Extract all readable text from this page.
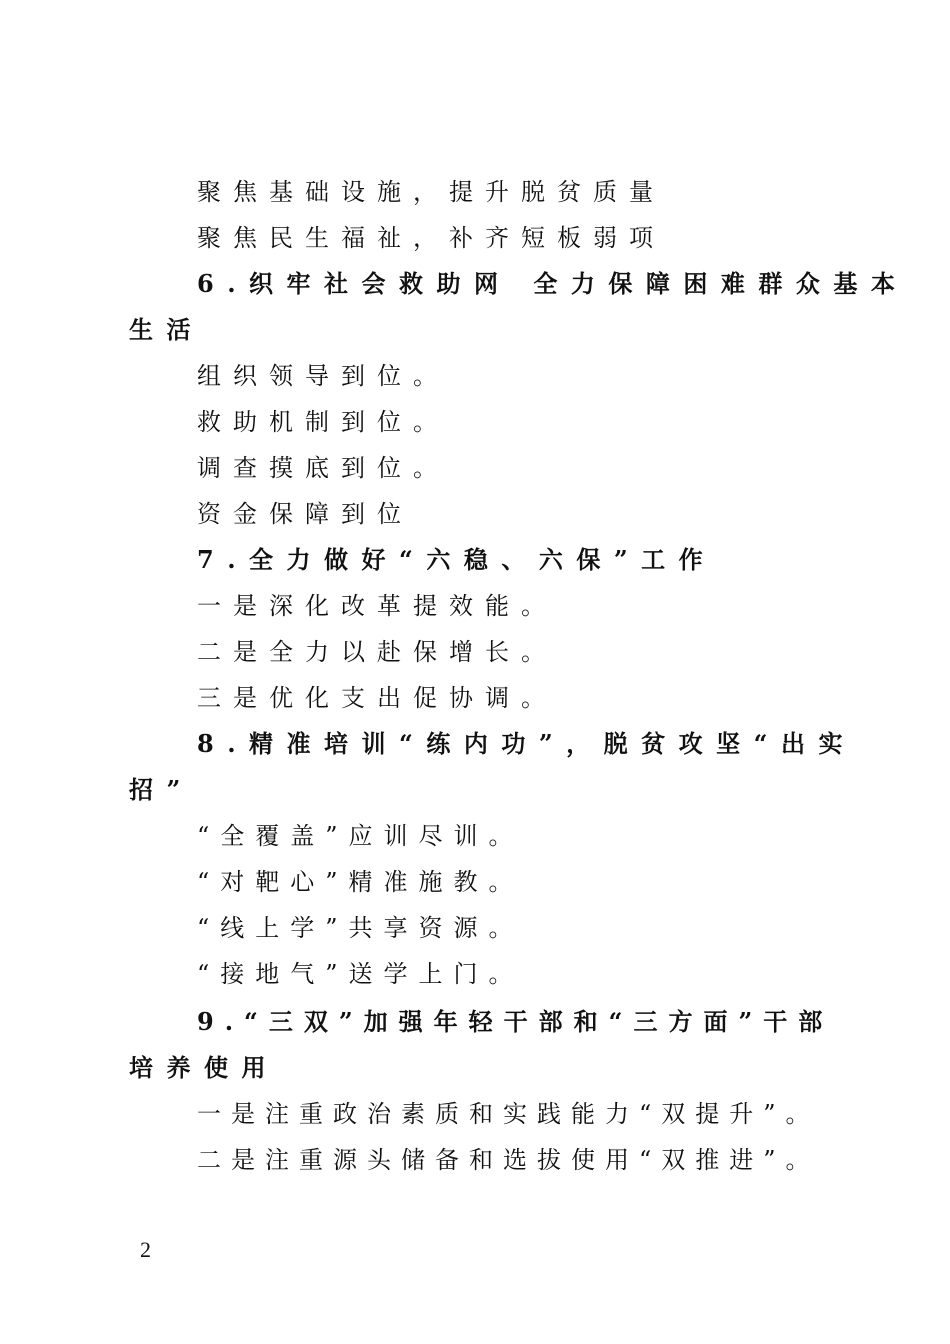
聚焦基础设施，提升脱贫质量
聚焦民生福祉，补齐短板弱项
6.织牢社会救助网 全力保障困难群众基本
生活
组织领导到位。
救助机制到位。
调查摸底到位。
资金保障到位
7.全力做好“六稳、六保”工作
一是深化改革提效能。
二是全力以赴保增长。
三是优化支出促协调。
8.精准培训“练内功”，脱贫攻坚“出实
招”
“全覆盖”应训尽训。
“对靶心”精准施教。
“线上学”共享资源。
“接地气”送学上门。
9.“三双”加强年轻干部和“三方面”干部
培养使用
一是注重政治素质和实践能力“双提升”。
二是注重源头储备和选拔使用“双推进”。
2
